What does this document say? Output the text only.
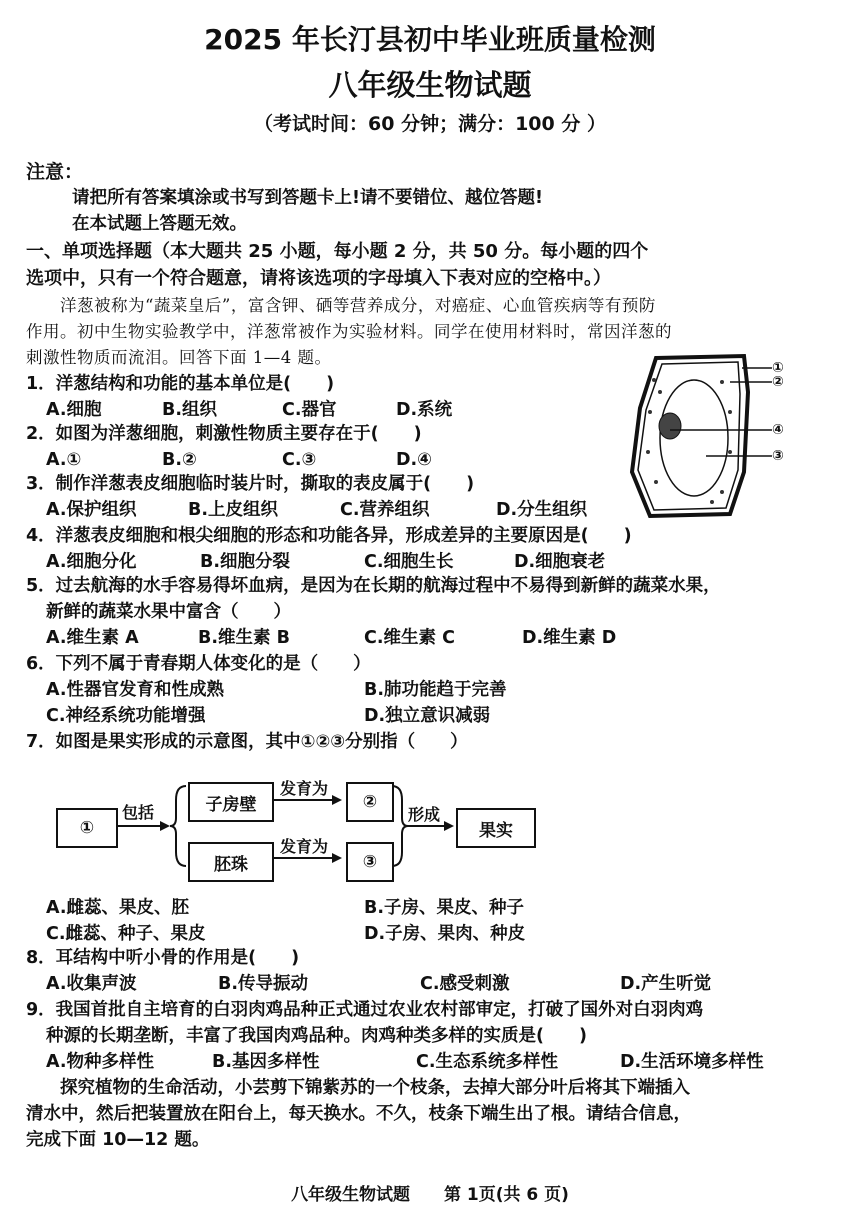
2025 年长汀县初中毕业班质量检测
八年级生物试题
（考试时间：60 分钟；满分：100 分 ）
注意：
请把所有答案填涂或书写到答题卡上!请不要错位、越位答题!
在本试题上答题无效。
一、单项选择题（本大题共 25 小题，每小题 2 分，共 50 分。每小题的四个
选项中，只有一个符合题意，请将该选项的字母填入下表对应的空格中。）
洋葱被称为“蔬菜皇后”，富含钾、硒等营养成分，对癌症、心血管疾病等有预防
作用。初中生物实验教学中，洋葱常被作为实验材料。同学在使用材料时，常因洋葱的
刺激性物质而流泪。回答下面 1—4 题。
①
②
④
③
1．洋葱结构和功能的基本单位是(　　)
A.细胞	B.组织	C.器官	D.系统
2．如图为洋葱细胞，刺激性物质主要存在于(　　)
A.①	B.②	C.③	D.④
3．制作洋葱表皮细胞临时装片时，撕取的表皮属于(　　)
A.保护组织	B.上皮组织	C.营养组织	D.分生组织
4．洋葱表皮细胞和根尖细胞的形态和功能各异，形成差异的主要原因是(　　)
A.细胞分化	B.细胞分裂	C.细胞生长	D.细胞衰老
5．过去航海的水手容易得坏血病，是因为在长期的航海过程中不易得到新鲜的蔬菜水果，
新鲜的蔬菜水果中富含（　　）
A.维生素 A	B.维生素 B	C.维生素 C	D.维生素 D
6．下列不属于青春期人体变化的是（　　）
A.性器官发育和性成熟	B.肺功能趋于完善
C.神经系统功能增强	D.独立意识减弱
7．如图是果实形成的示意图，其中①②③分别指（　　）
①
包括	子房壁
胚珠
发育为
发育为
②
③
形成
果实
A.雌蕊、果皮、胚	B.子房、果皮、种子
C.雌蕊、种子、果皮	D.子房、果肉、种皮
8．耳结构中听小骨的作用是(　　)
A.收集声波	B.传导振动	C.感受刺激	D.产生听觉
9．我国首批自主培育的白羽肉鸡品种正式通过农业农村部审定，打破了国外对白羽肉鸡
种源的长期垄断，丰富了我国肉鸡品种。肉鸡种类多样的实质是(　　)
A.物种多样性	B.基因多样性	C.生态系统多样性	D.生活环境多样性
探究植物的生命活动，小芸剪下锦紫苏的一个枝条，去掉大部分叶后将其下端插入
清水中，然后把装置放在阳台上，每天换水。不久，枝条下端生出了根。请结合信息，
完成下面 10—12 题。
八年级生物试题 第 1页(共 6 页)
